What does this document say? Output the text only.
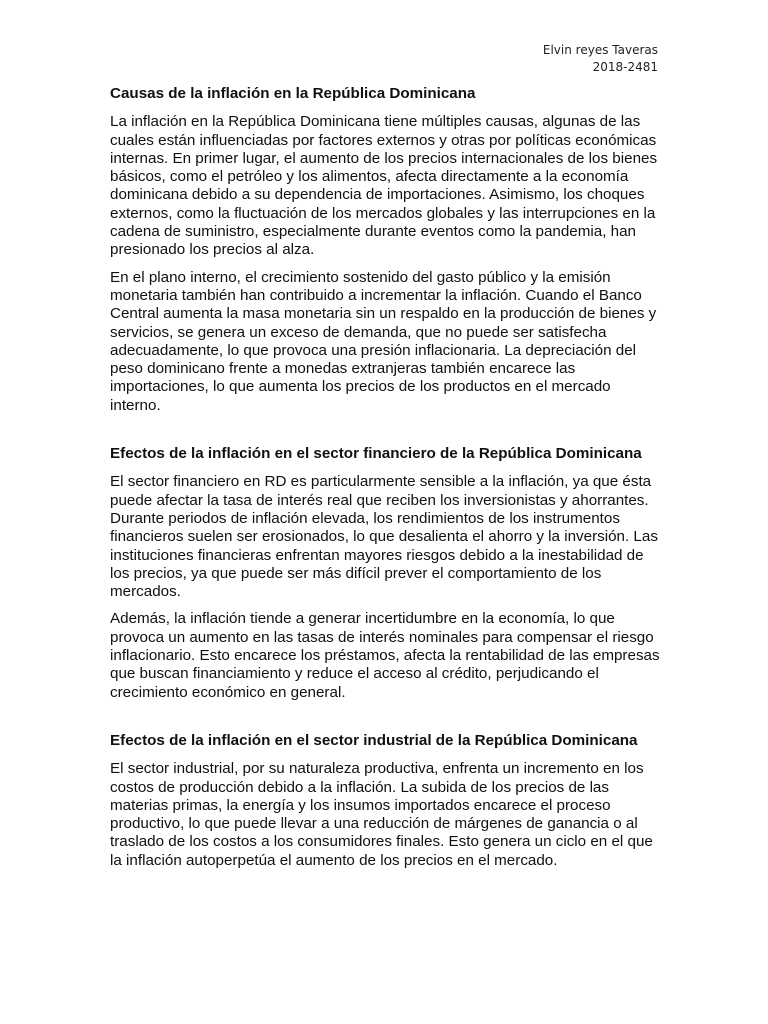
Elvin reyes Taveras
2018-2481
Causas de la inflación en la República Dominicana

La inflación en la República Dominicana tiene múltiples causas, algunas de las cuales están influenciadas por factores externos y otras por políticas económicas internas. En primer lugar, el aumento de los precios internacionales de los bienes básicos, como el petróleo y los alimentos, afecta directamente a la economía dominicana debido a su dependencia de importaciones. Asimismo, los choques externos, como la fluctuación de los mercados globales y las interrupciones en la cadena de suministro, especialmente durante eventos como la pandemia, han presionado los precios al alza.

En el plano interno, el crecimiento sostenido del gasto público y la emisión monetaria también han contribuido a incrementar la inflación. Cuando el Banco Central aumenta la masa monetaria sin un respaldo en la producción de bienes y servicios, se genera un exceso de demanda, que no puede ser satisfecha adecuadamente, lo que provoca una presión inflacionaria. La depreciación del peso dominicano frente a monedas extranjeras también encarece las importaciones, lo que aumenta los precios de los productos en el mercado interno.

Efectos de la inflación en el sector financiero de la República Dominicana

El sector financiero en RD es particularmente sensible a la inflación, ya que ésta puede afectar la tasa de interés real que reciben los inversionistas y ahorrantes. Durante periodos de inflación elevada, los rendimientos de los instrumentos financieros suelen ser erosionados, lo que desalienta el ahorro y la inversión. Las instituciones financieras enfrentan mayores riesgos debido a la inestabilidad de los precios, ya que puede ser más difícil prever el comportamiento de los mercados.

Además, la inflación tiende a generar incertidumbre en la economía, lo que provoca un aumento en las tasas de interés nominales para compensar el riesgo inflacionario. Esto encarece los préstamos, afecta la rentabilidad de las empresas que buscan financiamiento y reduce el acceso al crédito, perjudicando el crecimiento económico en general.

Efectos de la inflación en el sector industrial de la República Dominicana

El sector industrial, por su naturaleza productiva, enfrenta un incremento en los costos de producción debido a la inflación. La subida de los precios de las materias primas, la energía y los insumos importados encarece el proceso productivo, lo que puede llevar a una reducción de márgenes de ganancia o al traslado de los costos a los consumidores finales. Esto genera un ciclo en el que la inflación autoperpetúa el aumento de los precios en el mercado.
